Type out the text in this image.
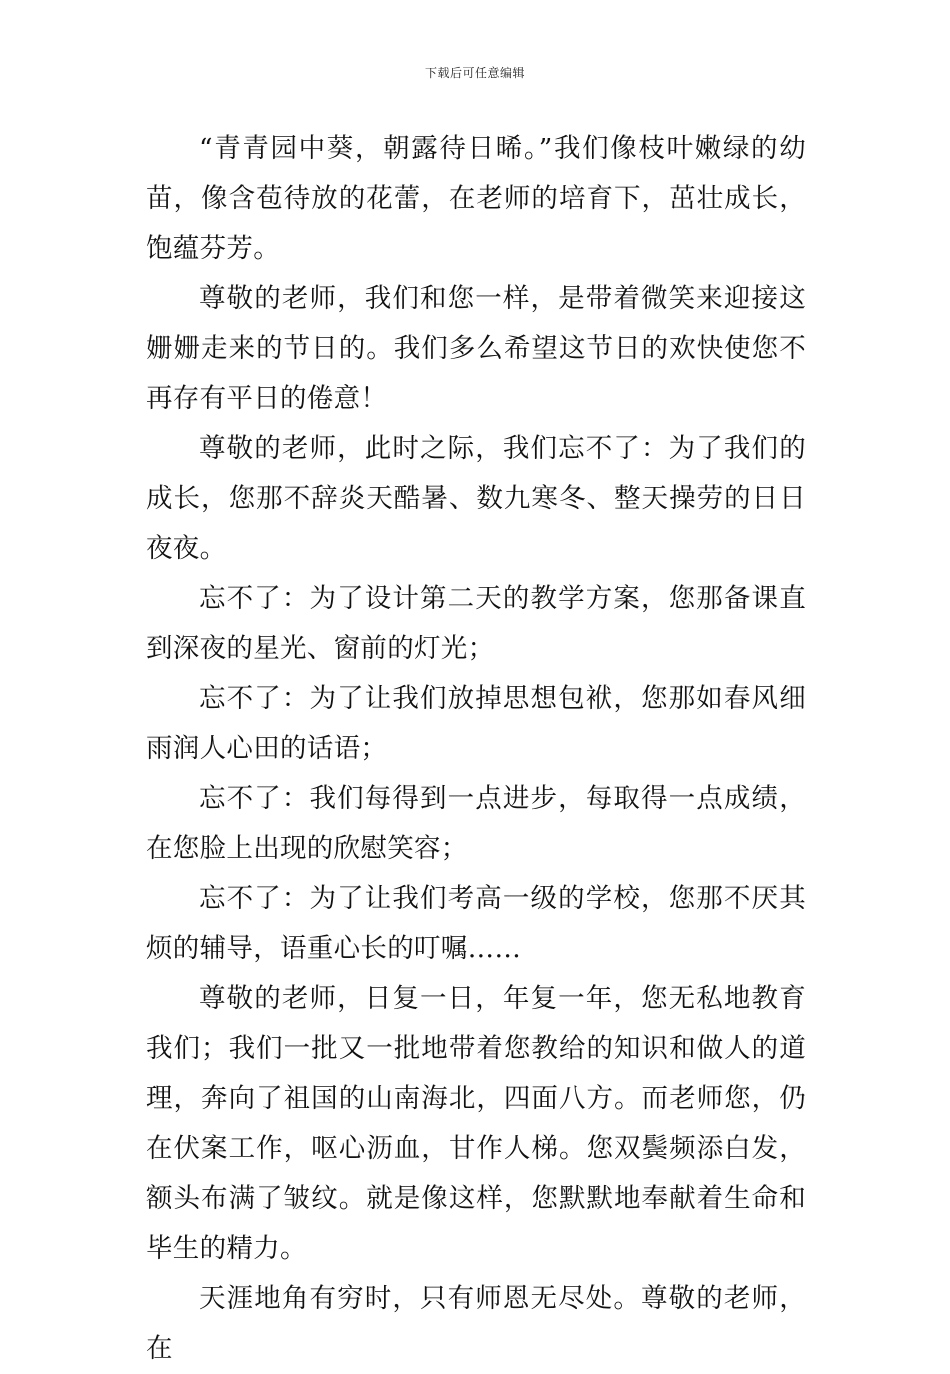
下载后可任意编辑

“青青园中葵，朝露待日晞。”我们像枝叶嫩绿的幼苗，像含苞待放的花蕾，在老师的培育下，茁壮成长，饱蕴芬芳。

尊敬的老师，我们和您一样，是带着微笑来迎接这姗姗走来的节日的。我们多么希望这节日的欢快使您不再存有平日的倦意！

尊敬的老师，此时之际，我们忘不了：为了我们的成长，您那不辞炎天酷暑、数九寒冬、整天操劳的日日夜夜。

忘不了：为了设计第二天的教学方案，您那备课直到深夜的星光、窗前的灯光；

忘不了：为了让我们放掉思想包袱，您那如春风细雨润人心田的话语；

忘不了：我们每得到一点进步，每取得一点成绩，在您脸上出现的欣慰笑容；

忘不了：为了让我们考高一级的学校，您那不厌其烦的辅导，语重心长的叮嘱……

尊敬的老师，日复一日，年复一年，您无私地教育我们；我们一批又一批地带着您教给的知识和做人的道理，奔向了祖国的山南海北，四面八方。而老师您，仍在伏案工作，呕心沥血，甘作人梯。您双鬓频添白发，额头布满了皱纹。就是像这样，您默默地奉献着生命和毕生的精力。

天涯地角有穷时，只有师恩无尽处。尊敬的老师，在
